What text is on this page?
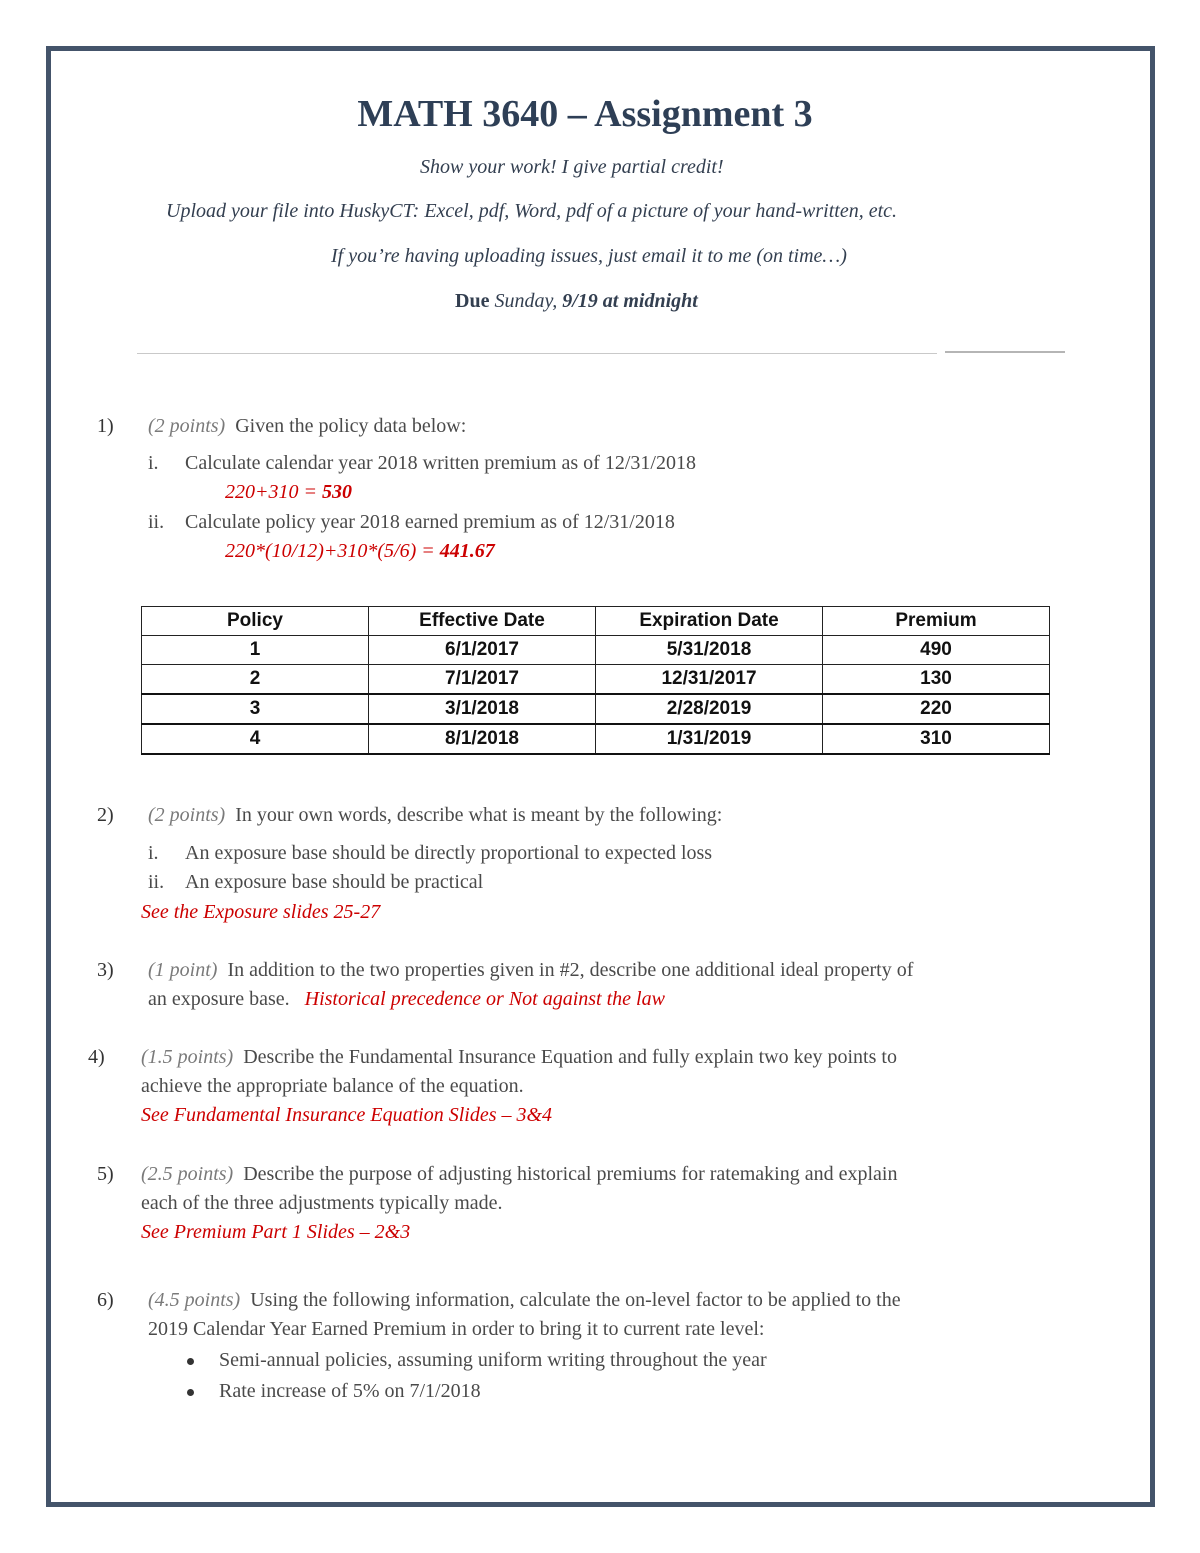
MATH 3640 – Assignment 3
Show your work! I give partial credit!
Upload your file into HuskyCT: Excel, pdf, Word, pdf of a picture of your hand-written, etc.
If you’re having uploading issues, just email it to me (on time…)
Due Sunday, 9/19 at midnight
1) (2 points) Given the policy data below:
i. Calculate calendar year 2018 written premium as of 12/31/2018
220+310 = 530
ii. Calculate policy year 2018 earned premium as of 12/31/2018
220*(10/12)+310*(5/6) = 441.67
Policy	Effective Date	Expiration Date	Premium
1	6/1/2017	5/31/2018	490
2	7/1/2017	12/31/2017	130
3	3/1/2018	2/28/2019	220
4	8/1/2018	1/31/2019	310
2) (2 points) In your own words, describe what is meant by the following:
i. An exposure base should be directly proportional to expected loss
ii. An exposure base should be practical
See the Exposure slides 25-27
3) (1 point) In addition to the two properties given in #2, describe one additional ideal property of
an exposure base. Historical precedence or Not against the law
4) (1.5 points) Describe the Fundamental Insurance Equation and fully explain two key points to
achieve the appropriate balance of the equation.
See Fundamental Insurance Equation Slides – 3&4
5) (2.5 points) Describe the purpose of adjusting historical premiums for ratemaking and explain
each of the three adjustments typically made.
See Premium Part 1 Slides – 2&3
6) (4.5 points) Using the following information, calculate the on-level factor to be applied to the
2019 Calendar Year Earned Premium in order to bring it to current rate level:
Semi-annual policies, assuming uniform writing throughout the year
Rate increase of 5% on 7/1/2018
